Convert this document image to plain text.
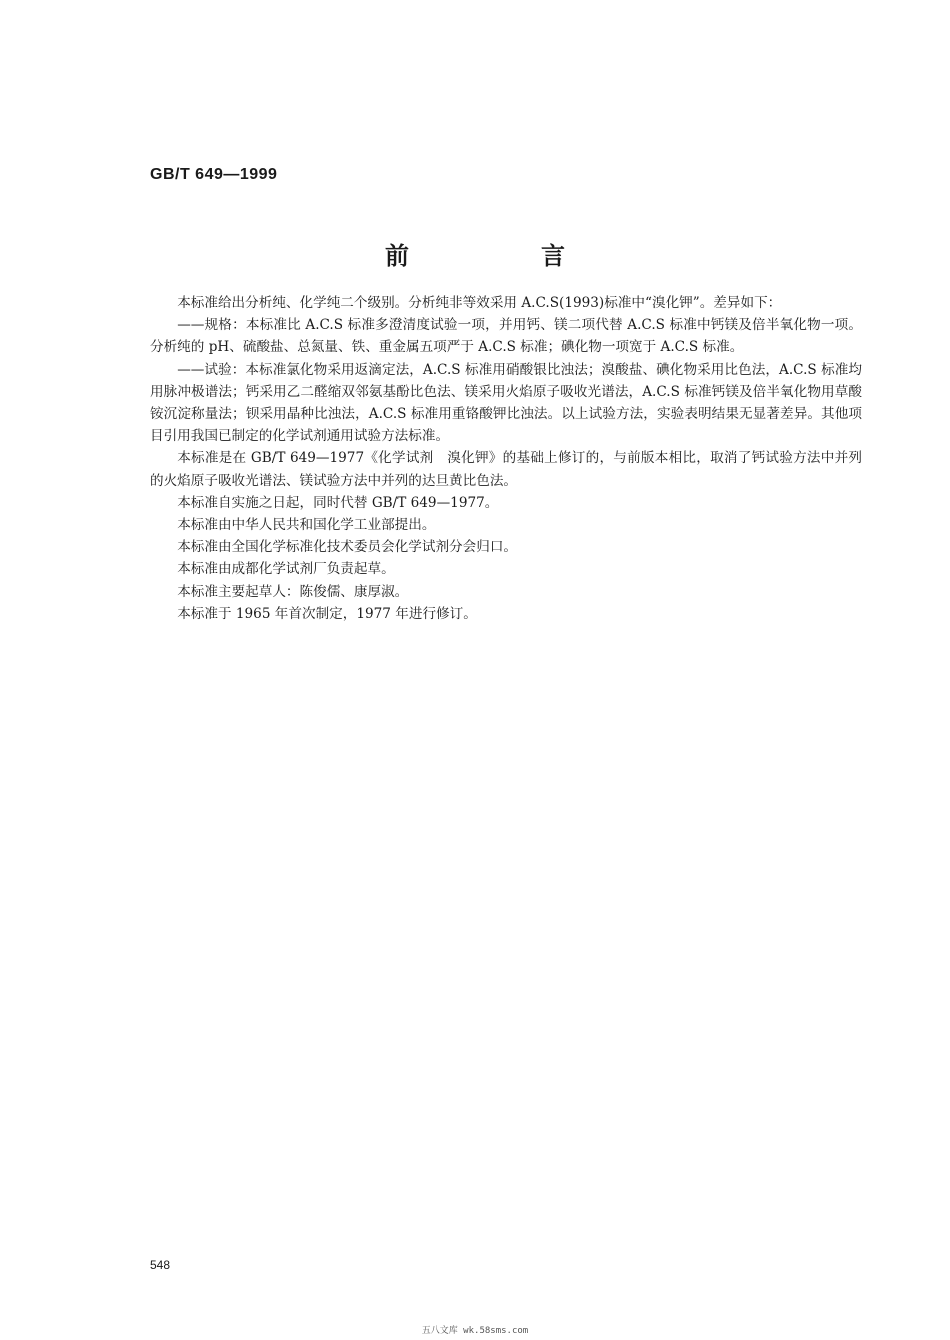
GB/T 649—1999
前　言

本标准给出分析纯、化学纯二个级别。分析纯非等效采用 A.C.S(1993)标准中“溴化钾”。差异如下：

——规格：本标准比 A.C.S 标准多澄清度试验一项，并用钙、镁二项代替 A.C.S 标准中钙镁及倍半氧化物一项。分析纯的 pH、硫酸盐、总氮量、铁、重金属五项严于 A.C.S 标准；碘化物一项宽于 A.C.S 标准。

——试验：本标准氯化物采用返滴定法，A.C.S 标准用硝酸银比浊法；溴酸盐、碘化物采用比色法，A.C.S 标准均用脉冲极谱法；钙采用乙二醛缩双邻氨基酚比色法、镁采用火焰原子吸收光谱法，A.C.S 标准钙镁及倍半氧化物用草酸铵沉淀称量法；钡采用晶种比浊法，A.C.S 标准用重铬酸钾比浊法。以上试验方法，实验表明结果无显著差异。其他项目引用我国已制定的化学试剂通用试验方法标准。

本标准是在 GB/T 649—1977《化学试剂　溴化钾》的基础上修订的，与前版本相比，取消了钙试验方法中并列的火焰原子吸收光谱法、镁试验方法中并列的达旦黄比色法。

本标准自实施之日起，同时代替 GB/T 649—1977。

本标准由中华人民共和国化学工业部提出。

本标准由全国化学标准化技术委员会化学试剂分会归口。

本标准由成都化学试剂厂负责起草。

本标准主要起草人：陈俊儒、康厚淑。

本标准于 1965 年首次制定，1977 年进行修订。

548
五八文库 wk.58sms.com
